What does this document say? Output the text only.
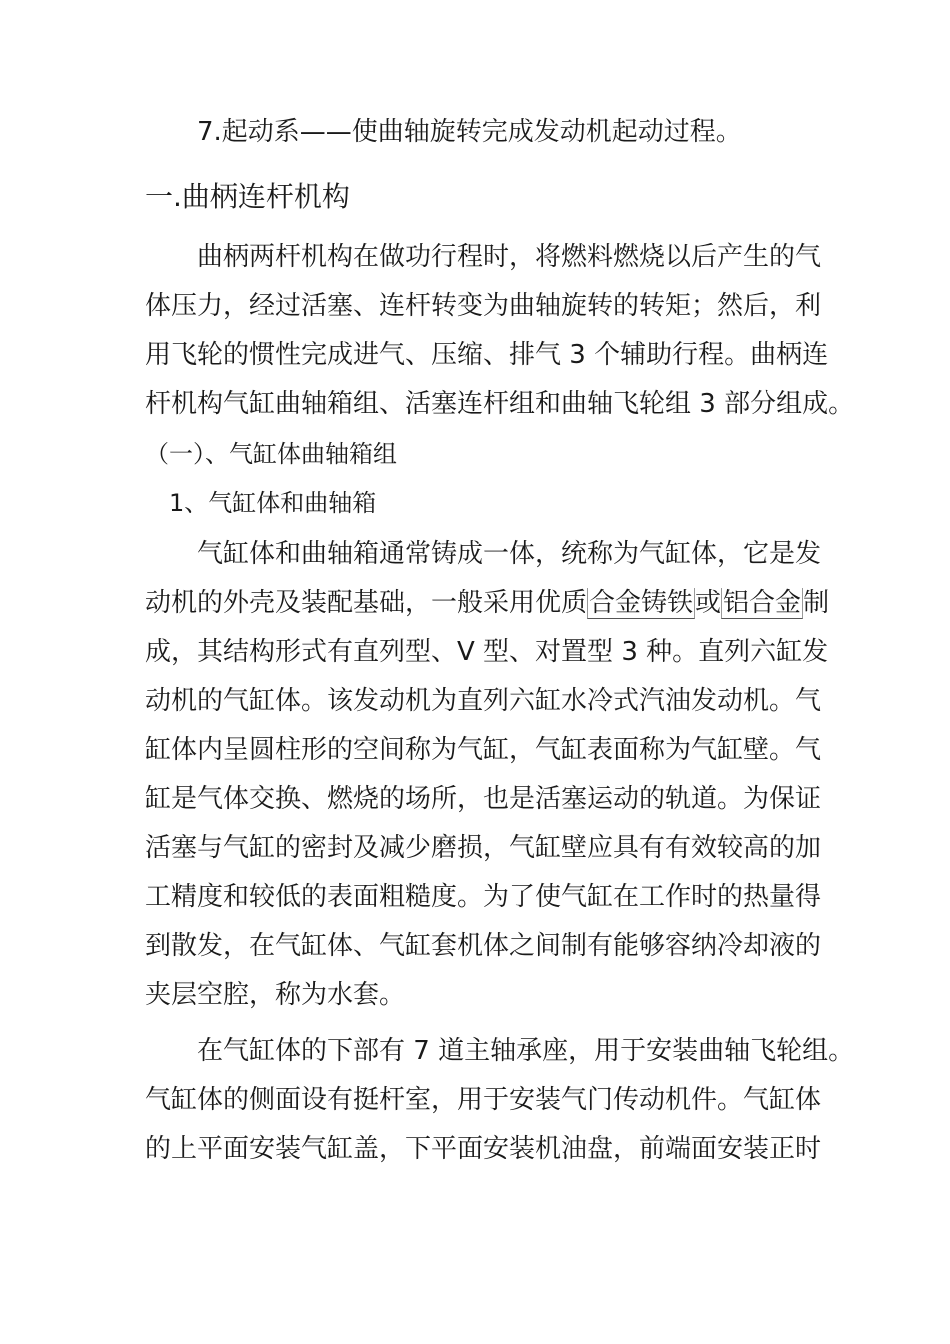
7.起动系——使曲轴旋转完成发动机起动过程。
一.曲柄连杆机构
曲柄两杆机构在做功行程时，将燃料燃烧以后产生的气
体压力，经过活塞、连杆转变为曲轴旋转的转矩；然后，利
用飞轮的惯性完成进气、压缩、排气 3 个辅助行程。曲柄连
杆机构气缸曲轴箱组、活塞连杆组和曲轴飞轮组 3 部分组成。
（一）、气缸体曲轴箱组
1、气缸体和曲轴箱
气缸体和曲轴箱通常铸成一体，统称为气缸体，它是发
动机的外壳及装配基础，一般采用优质合金铸铁或铝合金制
成，其结构形式有直列型、V 型、对置型 3 种。直列六缸发
动机的气缸体。该发动机为直列六缸水冷式汽油发动机。气
缸体内呈圆柱形的空间称为气缸，气缸表面称为气缸壁。气
缸是气体交换、燃烧的场所，也是活塞运动的轨道。为保证
活塞与气缸的密封及减少磨损，气缸壁应具有有效较高的加
工精度和较低的表面粗糙度。为了使气缸在工作时的热量得
到散发，在气缸体、气缸套机体之间制有能够容纳冷却液的
夹层空腔，称为水套。
在气缸体的下部有 7 道主轴承座，用于安装曲轴飞轮组。
气缸体的侧面设有挺杆室，用于安装气门传动机件。气缸体
的上平面安装气缸盖，下平面安装机油盘，前端面安装正时
